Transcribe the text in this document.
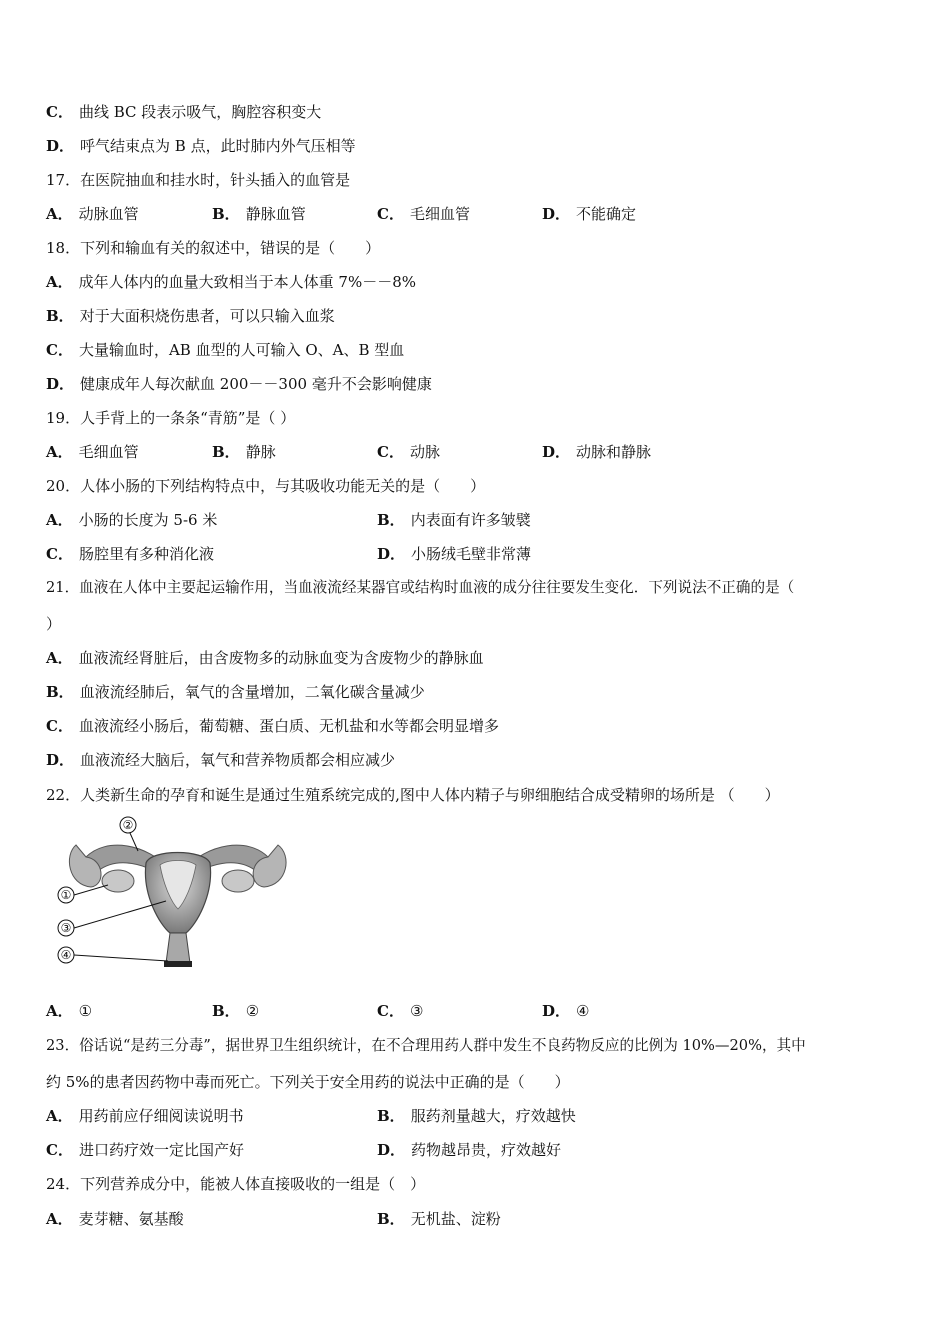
C． 曲线 BC 段表示吸气，胸腔容积变大
D． 呼气结束点为 B 点，此时肺内外气压相等
17．在医院抽血和挂水时，针头插入的血管是
A． 动脉血管	B． 静脉血管	C． 毛细血管	D． 不能确定
18．下列和输血有关的叙述中，错误的是（　　）
A． 成年人体内的血量大致相当于本人体重 7%－－8%
B． 对于大面积烧伤患者，可以只输入血浆
C． 大量输血时，AB 血型的人可输入 O、A、B 型血
D． 健康成年人每次献血 200－－300 毫升不会影响健康
19．人手背上的一条条“青筋”是（ ）
A． 毛细血管	B． 静脉	C． 动脉	D． 动脉和静脉
20．人体小肠的下列结构特点中，与其吸收功能无关的是（　　）
A． 小肠的长度为 5-6 米	B． 内表面有许多皱襞
C． 肠腔里有多种消化液	D． 小肠绒毛壁非常薄
21．血液在人体中主要起运输作用，当血液流经某器官或结构时血液的成分往往要发生变化．下列说法不正确的是（
）
A． 血液流经肾脏后，由含废物多的动脉血变为含废物少的静脉血
B． 血液流经肺后，氧气的含量增加，二氧化碳含量减少
C． 血液流经小肠后，葡萄糖、蛋白质、无机盐和水等都会明显增多
D． 血液流经大脑后，氧气和营养物质都会相应减少
22．人类新生命的孕育和诞生是通过生殖系统完成的,图中人体内精子与卵细胞结合成受精卵的场所是 （　　）
②
①
③
④
A． ①	B． ②	C． ③	D． ④
23．俗话说“是药三分毒”，据世界卫生组织统计，在不合理用药人群中发生不良药物反应的比例为 10%—20%，其中
约 5%的患者因药物中毒而死亡。下列关于安全用药的说法中正确的是（　　）
A． 用药前应仔细阅读说明书	B． 服药剂量越大，疗效越快
C． 进口药疗效一定比国产好	D． 药物越昂贵，疗效越好
24．下列营养成分中，能被人体直接吸收的一组是（　）
A． 麦芽糖、氨基酸	B． 无机盐、淀粉
